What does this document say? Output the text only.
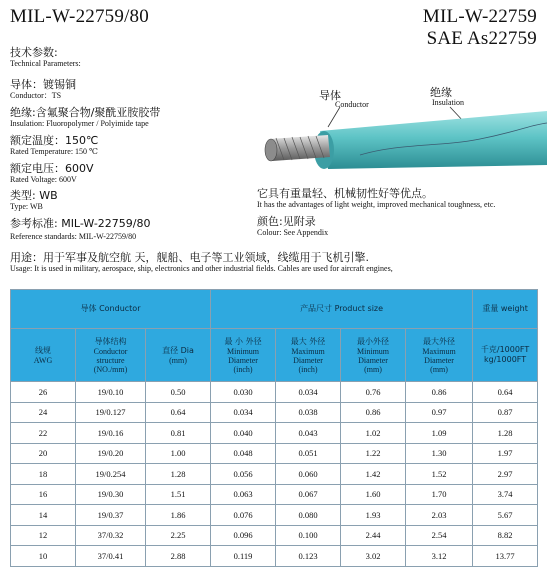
MIL-W-22759/80	MIL-W-22759
SAE As22759
技术参数:
Technical Parameters:
导体：镀锡铜
Conductor：TS
绝缘:含氟聚合物/聚酰亚胺胶带
Insulation: Fluoropolymer / Polyimide tape
额定温度：150℃
Rated Temperature: 150 ℃
额定电压：600V
Rated Voltage: 600V
类型: WB
Type: WB
参考标准: MIL-W-22759/80
Reference standards: MIL-W-22759/80
导体
Conductor
绝缘
Insulation
它具有重量轻、机械韧性好等优点。
It has the advantages of light weight, improved mechanical toughness, etc.
颜色:见附录
Colour: See Appendix
用途：用于军事及航空航 天，舰船、电子等工业领域，线缆用于飞机引擎.
Usage: It is used in military, aerospace, ship, electronics and other industrial fields. Cables are used for aircraft engines,
导体 Conductor			产品尺寸 Product size				重量 weight

线规
AWG	导体结构
Conductor
structure
(NO./mm)	直径 Dia
(mm)	最 小 外径
Minimum
Diameter
(inch)	最大 外径
Maximum
Diameter
(inch)	最小外径
Minimum
Diameter
(mm)	最大外径
Maximum
Diameter
(mm)	千克/1000FT
kg/1000FT

26	19/0.10	0.50	0.030	0.034	0.76	0.86	0.64
24	19/0.127	0.64	0.034	0.038	0.86	0.97	0.87
22	19/0.16	0.81	0.040	0.043	1.02	1.09	1.28
20	19/0.20	1.00	0.048	0.051	1.22	1.30	1.97
18	19/0.254	1.28	0.056	0.060	1.42	1.52	2.97
16	19/0.30	1.51	0.063	0.067	1.60	1.70	3.74
14	19/0.37	1.86	0.076	0.080	1.93	2.03	5.67
12	37/0.32	2.25	0.096	0.100	2.44	2.54	8.82
10	37/0.41	2.88	0.119	0.123	3.02	3.12	13.77
